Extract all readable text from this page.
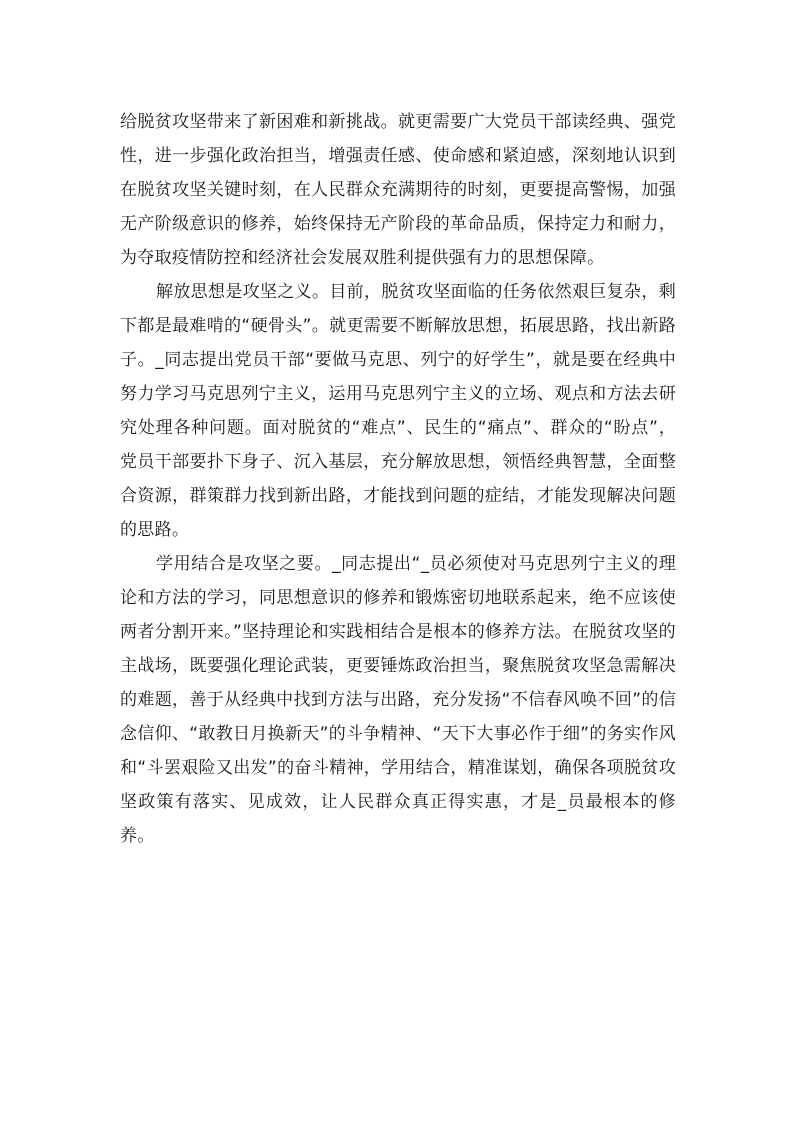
给脱贫攻坚带来了新困难和新挑战。就更需要广大党员干部读经典、强党性，进一步强化政治担当，增强责任感、使命感和紧迫感，深刻地认识到在脱贫攻坚关键时刻，在人民群众充满期待的时刻，更要提高警惕，加强无产阶级意识的修养，始终保持无产阶段的革命品质，保持定力和耐力，为夺取疫情防控和经济社会发展双胜利提供强有力的思想保障。

解放思想是攻坚之义。目前，脱贫攻坚面临的任务依然艰巨复杂，剩下都是最难啃的“硬骨头”。就更需要不断解放思想，拓展思路，找出新路子。_同志提出党员干部“要做马克思、列宁的好学生”，就是要在经典中努力学习马克思列宁主义，运用马克思列宁主义的立场、观点和方法去研究处理各种问题。面对脱贫的“难点”、民生的“痛点”、群众的“盼点”，党员干部要扑下身子、沉入基层，充分解放思想，领悟经典智慧，全面整合资源，群策群力找到新出路，才能找到问题的症结，才能发现解决问题的思路。

学用结合是攻坚之要。_同志提出“_员必须使对马克思列宁主义的理论和方法的学习，同思想意识的修养和锻炼密切地联系起来，绝不应该使两者分割开来。”坚持理论和实践相结合是根本的修养方法。在脱贫攻坚的主战场，既要强化理论武装，更要锤炼政治担当，聚焦脱贫攻坚急需解决的难题，善于从经典中找到方法与出路，充分发扬“不信春风唤不回”的信念信仰、“敢教日月换新天”的斗争精神、“天下大事必作于细”的务实作风和“斗罢艰险又出发”的奋斗精神，学用结合，精准谋划，确保各项脱贫攻坚政策有落实、见成效，让人民群众真正得实惠，才是_员最根本的修养。
